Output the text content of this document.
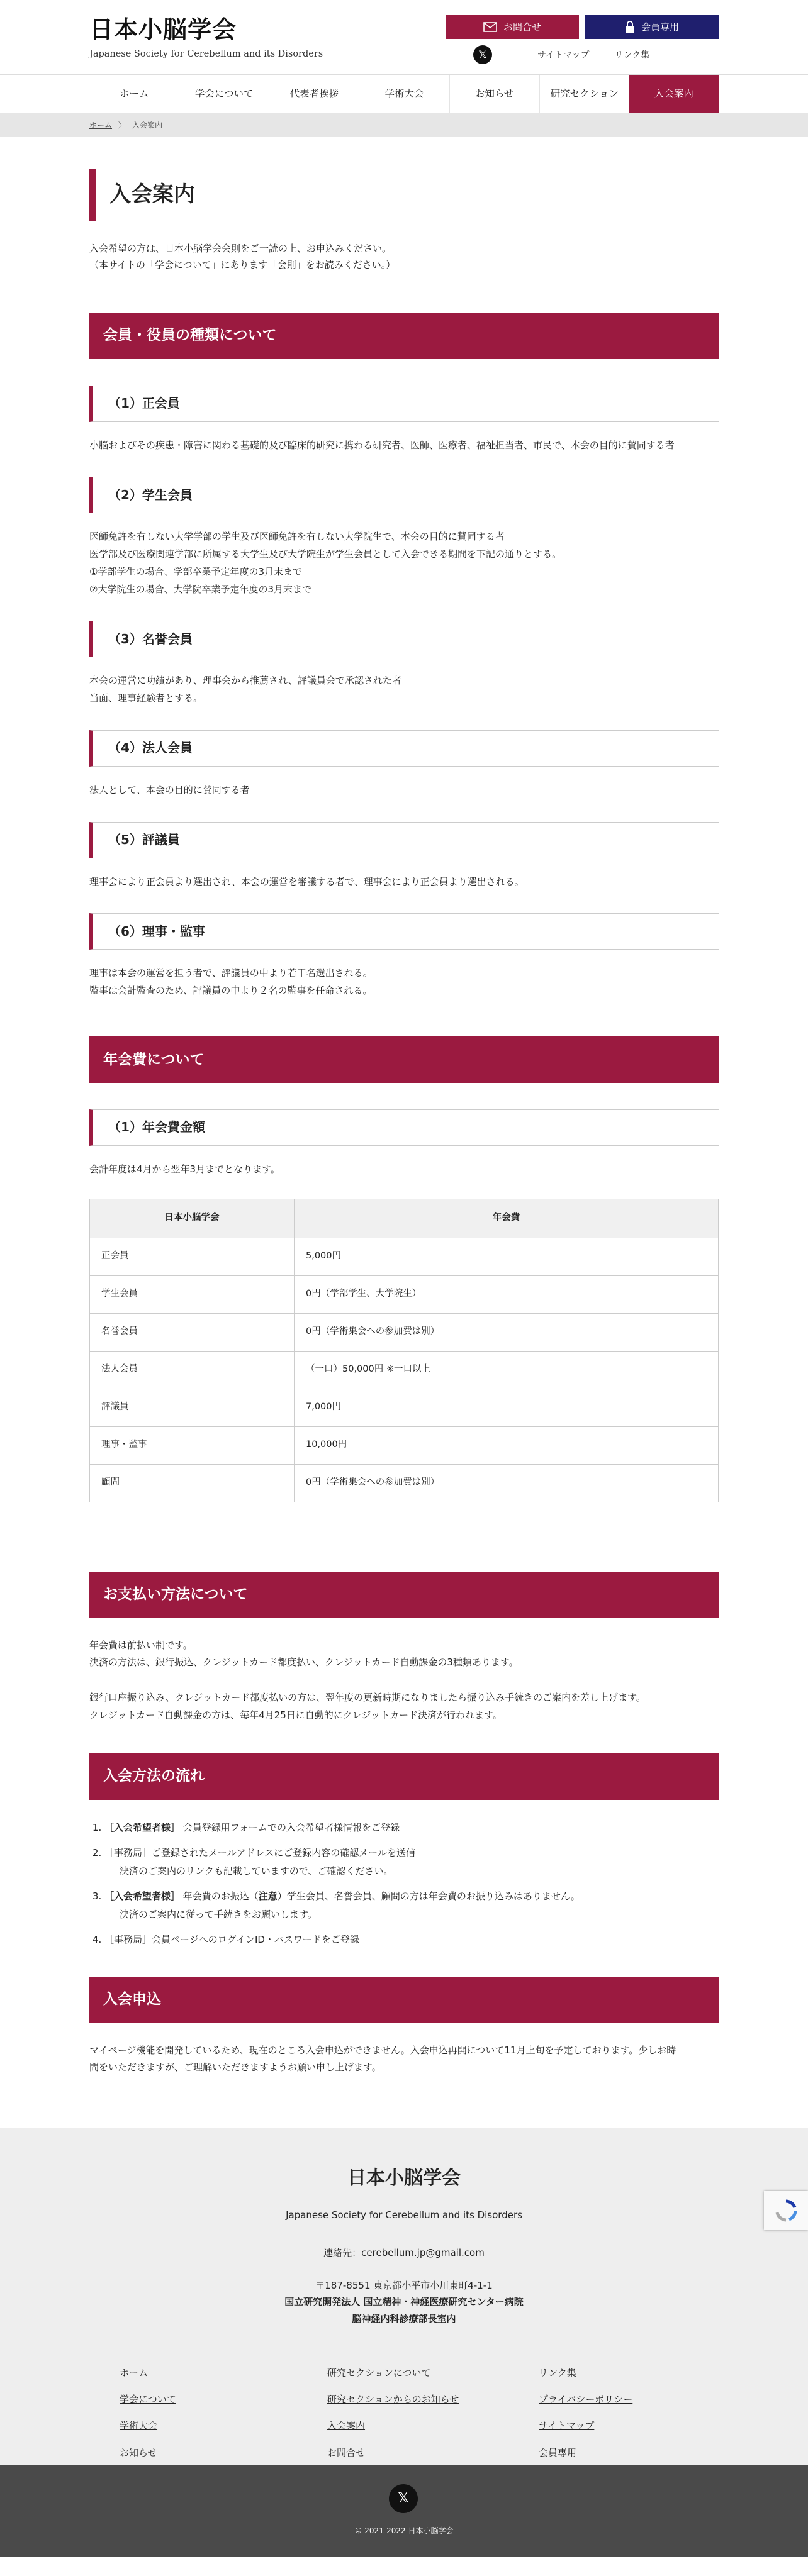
日本小脳学会
Japanese Society for Cerebellum and its Disorders
お問合せ	会員専用
𝕏	サイトマップ	リンク集
ホーム	学会について	代表者挨拶	学術大会	お知らせ	研究セクション	入会案内
ホーム 〉 入会案内
入会案内
入会希望の方は、日本小脳学会会則をご一読の上、お申込みください。
（本サイトの「学会について」にあります「会則」をお読みください。）
会員・役員の種類について
（1）正会員
小脳およびその疾患・障害に関わる基礎的及び臨床的研究に携わる研究者、医師、医療者、福祉担当者、市民で、本会の目的に賛同する者
（2）学生会員
医師免許を有しない大学学部の学生及び医師免許を有しない大学院生で、本会の目的に賛同する者
医学部及び医療関連学部に所属する大学生及び大学院生が学生会員として入会できる期間を下記の通りとする。
①学部学生の場合、学部卒業予定年度の3月末まで
②大学院生の場合、大学院卒業予定年度の3月末まで
（3）名誉会員
本会の運営に功績があり、理事会から推薦され、評議員会で承認された者
当面、理事経験者とする。
（4）法人会員
法人として、本会の目的に賛同する者
（5）評議員
理事会により正会員より選出され、本会の運営を審議する者で、理事会により正会員より選出される。
（6）理事・監事
理事は本会の運営を担う者で、評議員の中より若干名選出される。
監事は会計監査のため、評議員の中より２名の監事を任命される。
年会費について
（1）年会費金額
会計年度は4月から翌年3月までとなります。
日本小脳学会	年会費
正会員	5,000円
学生会員	0円（学部学生、大学院生）
名誉会員	0円（学術集会への参加費は別）
法人会員	（一口）50,000円 ※一口以上
評議員	7,000円
理事・監事	10,000円
顧問	0円（学術集会への参加費は別）
お支払い方法について
年会費は前払い制です。
決済の方法は、銀行振込、クレジットカード都度払い、クレジットカード自動課金の3種類あります。
銀行口座振り込み、クレジットカード都度払いの方は、翌年度の更新時期になりましたら振り込み手続きのご案内を差し上げます。
クレジットカード自動課金の方は、毎年4月25日に自動的にクレジットカード決済が行われます。
入会方法の流れ
1. ［入会希望者様］ 会員登録用フォームでの入会希望者様情報をご登録
2. ［事務局］ご登録されたメールアドレスにご登録内容の確認メールを送信
決済のご案内のリンクも記載していますので、ご確認ください。
3. ［入会希望者様］ 年会費のお振込（注意）学生会員、名誉会員、顧問の方は年会費のお振り込みはありません。
決済のご案内に従って手続きをお願いします。
4. ［事務局］会員ページへのログインID・パスワードをご登録
入会申込
マイページ機能を開発しているため、現在のところ入会申込ができません。入会申込再開について11月上旬を予定しております。少しお時
間をいただきますが、ご理解いただきますようお願い申し上げます。
日本小脳学会
Japanese Society for Cerebellum and its Disorders
連絡先：cerebellum.jp@gmail.com
〒187-8551 東京都小平市小川東町4-1-1
国立研究開発法人 国立精神・神経医療研究センター病院
脳神経内科診療部長室内
ホーム	研究セクションについて	リンク集
学会について	研究セクションからのお知らせ	プライバシーポリシー
学術大会	入会案内	サイトマップ
お知らせ	お問合せ	会員専用
𝕏
© 2021-2022 日本小脳学会
